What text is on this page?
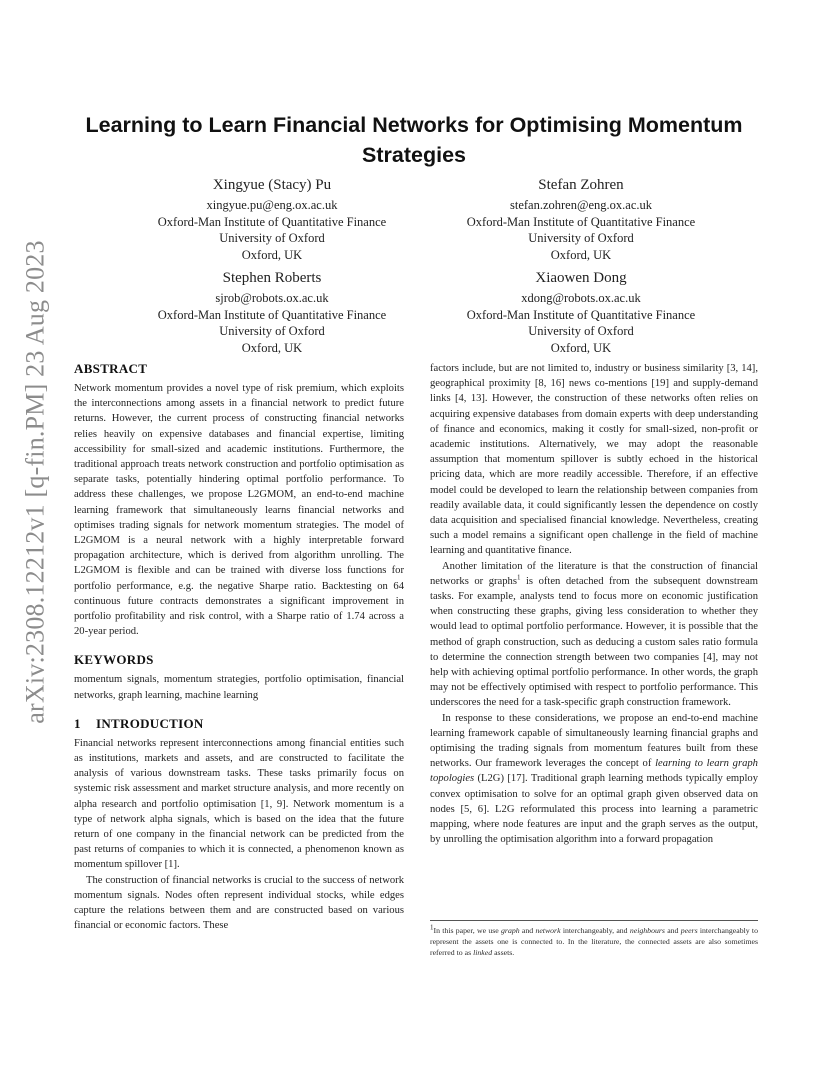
arXiv:2308.12212v1 [q-fin.PM] 23 Aug 2023
Learning to Learn Financial Networks for Optimising Momentum Strategies
Xingyue (Stacy) Pu
xingyue.pu@eng.ox.ac.uk
Oxford-Man Institute of Quantitative Finance
University of Oxford
Oxford, UK
Stefan Zohren
stefan.zohren@eng.ox.ac.uk
Oxford-Man Institute of Quantitative Finance
University of Oxford
Oxford, UK
Stephen Roberts
sjrob@robots.ox.ac.uk
Oxford-Man Institute of Quantitative Finance
University of Oxford
Oxford, UK
Xiaowen Dong
xdong@robots.ox.ac.uk
Oxford-Man Institute of Quantitative Finance
University of Oxford
Oxford, UK
ABSTRACT

Network momentum provides a novel type of risk premium, which exploits the interconnections among assets in a financial network to predict future returns. However, the current process of constructing financial networks relies heavily on expensive databases and financial expertise, limiting accessibility for small-sized and academic institutions. Furthermore, the traditional approach treats network construction and portfolio optimisation as separate tasks, potentially hindering optimal portfolio performance. To address these challenges, we propose L2GMOM, an end-to-end machine learning framework that simultaneously learns financial networks and optimises trading signals for network momentum strategies. The model of L2GMOM is a neural network with a highly interpretable forward propagation architecture, which is derived from algorithm unrolling. The L2GMOM is flexible and can be trained with diverse loss functions for portfolio performance, e.g. the negative Sharpe ratio. Backtesting on 64 continuous future contracts demonstrates a significant improvement in portfolio profitability and risk control, with a Sharpe ratio of 1.74 across a 20-year period.

KEYWORDS

momentum signals, momentum strategies, portfolio optimisation, financial networks, graph learning, machine learning

1 INTRODUCTION

Financial networks represent interconnections among financial entities such as institutions, markets and assets, and are constructed to facilitate the analysis of various downstream tasks. These tasks primarily focus on systemic risk assessment and market structure analysis, and more recently on alpha research and portfolio optimisation [1, 9]. Network momentum is a type of network alpha signals, which is based on the idea that the future return of one company in the financial network can be predicted from the past returns of companies to which it is connected, a phenomenon known as momentum spillover [1].

The construction of financial networks is crucial to the success of network momentum signals. Nodes often represent individual stocks, while edges capture the relations between them and are constructed based on various financial or economic factors. These

factors include, but are not limited to, industry or business similarity [3, 14], geographical proximity [8, 16] news co-mentions [19] and supply-demand links [4, 13]. However, the construction of these networks often relies on acquiring expensive databases from domain experts with deep understanding of finance and economics, making it costly for small-sized, non-profit or academic institutions. Alternatively, we may adopt the reasonable assumption that momentum spillover is subtly echoed in the historical pricing data, which are more readily accessible. Therefore, if an effective model could be developed to learn the relationship between companies from readily available data, it could significantly lessen the dependence on costly data acquisition and specialised financial knowledge. Nevertheless, creating such a model remains a significant open challenge in the field of machine learning and quantitative finance.

Another limitation of the literature is that the construction of financial networks or graphs$^1$ is often detached from the subsequent downstream tasks. For example, analysts tend to focus more on economic justification when constructing these graphs, giving less consideration to whether they would lead to optimal portfolio performance. However, it is possible that the method of graph construction, such as deducing a custom sales ratio formula to determine the connection strength between two companies [4], may not help with achieving optimal portfolio performance. In other words, the graph may not be effectively optimised with respect to portfolio performance. This underscores the need for a task-specific graph construction framework.

In response to these considerations, we propose an end-to-end machine learning framework capable of simultaneously learning financial graphs and optimising the trading signals from momentum features built from these networks. Our framework leverages the concept of learning to learn graph topologies (L2G) [17]. Traditional graph learning methods typically employ convex optimisation to solve for an optimal graph given observed data on nodes [5, 6]. L2G reformulated this process into learning a parametric mapping, where node features are input and the graph serves as the output, by unrolling the optimisation algorithm into a forward propagation

$^1$In this paper, we use graph and network interchangeably, and neighbours and peers interchangeably to represent the assets one is connected to. In the literature, the connected assets are also sometimes referred to as linked assets.
